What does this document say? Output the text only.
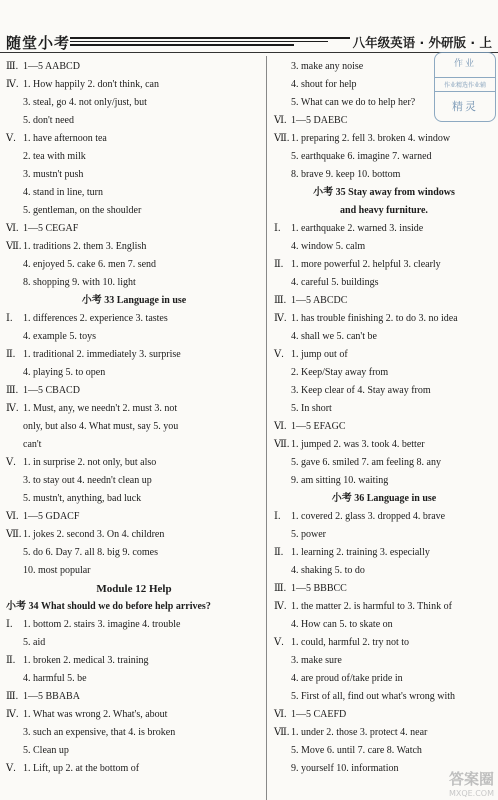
随堂小考	八年级英语 · 外研版 · 上
作业
作业精选作业辅
精灵
Ⅲ. 1—5 AABCD
Ⅳ. 1. How happily 2. don't think, can
3. steal, go 4. not only/just, but
5. don't need
Ⅴ. 1. have afternoon tea
2. tea with milk
3. mustn't push
4. stand in line, turn
5. gentleman, on the shoulder
Ⅵ. 1—5 CEGAF
Ⅶ. 1. traditions 2. them 3. English
4. enjoyed 5. cake 6. men 7. send
8. shopping 9. with 10. light
小考 33 Language in use
Ⅰ. 1. differences 2. experience 3. tastes
4. example 5. toys
Ⅱ. 1. traditional 2. immediately 3. surprise
4. playing 5. to open
Ⅲ. 1—5 CBACD
Ⅳ. 1. Must, any, we needn't 2. must 3. not
only, but also 4. What must, say 5. you
can't
Ⅴ. 1. in surprise 2. not only, but also
3. to stay out 4. needn't clean up
5. mustn't, anything, bad luck
Ⅵ. 1—5 GDACF
Ⅶ. 1. jokes 2. second 3. On 4. children
5. do 6. Day 7. all 8. big 9. comes
10. most popular
Module 12 Help
小考 34 What should we do before help arrives?
Ⅰ. 1. bottom 2. stairs 3. imagine 4. trouble
5. aid
Ⅱ. 1. broken 2. medical 3. training
4. harmful 5. be
Ⅲ. 1—5 BBABA
Ⅳ. 1. What was wrong 2. What's, about
3. such an expensive, that 4. is broken
5. Clean up
Ⅴ. 1. Lift, up 2. at the bottom of
3. make any noise
4. shout for help
5. What can we do to help her?
Ⅵ. 1—5 DAEBC
Ⅶ. 1. preparing 2. fell 3. broken 4. window
5. earthquake 6. imagine 7. warned
8. brave 9. keep 10. bottom
小考 35 Stay away from windows
and heavy furniture.
Ⅰ. 1. earthquake 2. warned 3. inside
4. window 5. calm
Ⅱ. 1. more powerful 2. helpful 3. clearly
4. careful 5. buildings
Ⅲ. 1—5 ABCDC
Ⅳ. 1. has trouble finishing 2. to do 3. no idea
4. shall we 5. can't be
Ⅴ. 1. jump out of
2. Keep/Stay away from
3. Keep clear of 4. Stay away from
5. In short
Ⅵ. 1—5 EFAGC
Ⅶ. 1. jumped 2. was 3. took 4. better
5. gave 6. smiled 7. am feeling 8. any
9. am sitting 10. waiting
小考 36 Language in use
Ⅰ. 1. covered 2. glass 3. dropped 4. brave
5. power
Ⅱ. 1. learning 2. training 3. especially
4. shaking 5. to do
Ⅲ. 1—5 BBBCC
Ⅳ. 1. the matter 2. is harmful to 3. Think of
4. How can 5. to skate on
Ⅴ. 1. could, harmful 2. try not to
3. make sure
4. are proud of/take pride in
5. First of all, find out what's wrong with
Ⅵ. 1—5 CAEFD
Ⅶ. 1. under 2. those 3. protect 4. near
5. Move 6. until 7. care 8. Watch
9. yourself 10. information
答案圈
MXQE.COM
